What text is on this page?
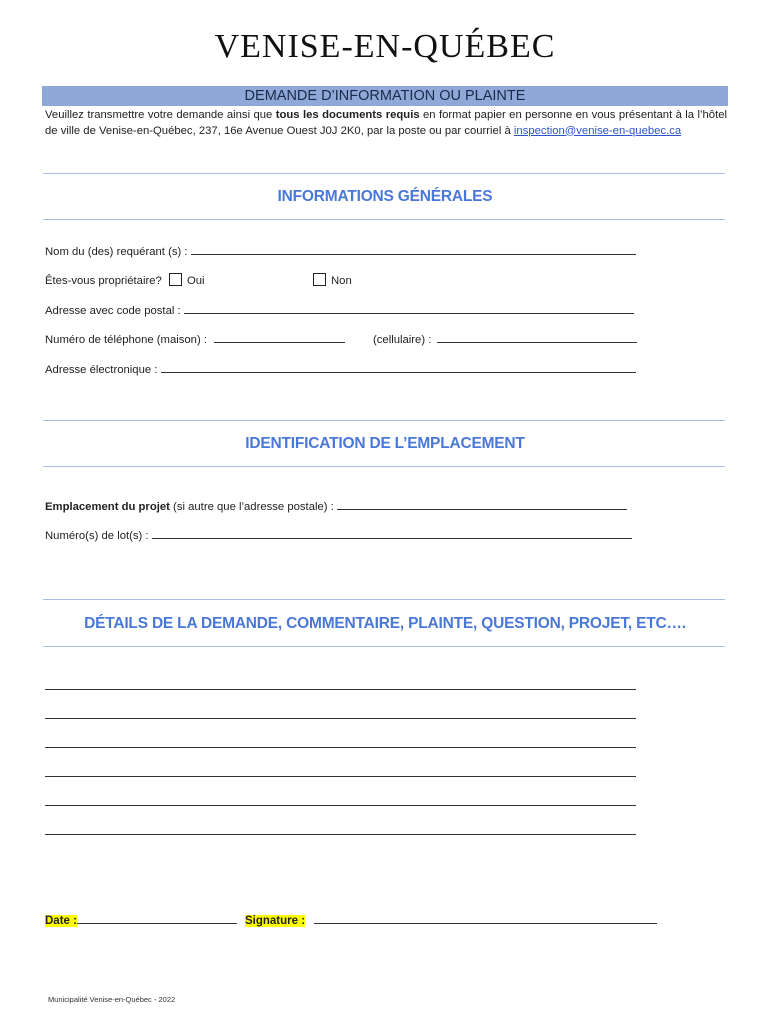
VENISE-EN-QUÉBEC
DEMANDE D’INFORMATION OU PLAINTE
Veuillez transmettre votre demande ainsi que tous les documents requis en format papier en personne en vous présentant à la l’hôtel de ville de Venise-en-Québec, 237, 16e Avenue Ouest J0J 2K0, par la poste ou par courriel à inspection@venise-en-quebec.ca
INFORMATIONS GÉNÉRALES
Nom du (des) requérant (s) :
Êtes-vous propriétaire? Oui	Non
Adresse avec code postal :
Numéro de téléphone (maison) :	(cellulaire) :
Adresse électronique :
IDENTIFICATION DE L’EMPLACEMENT
Emplacement du projet (si autre que l’adresse postale) :
Numéro(s) de lot(s) :
DÉTAILS DE LA DEMANDE, COMMENTAIRE, PLAINTE, QUESTION, PROJET, ETC….
Date :	Signature :
Municipalité Venise-en-Québec - 2022
